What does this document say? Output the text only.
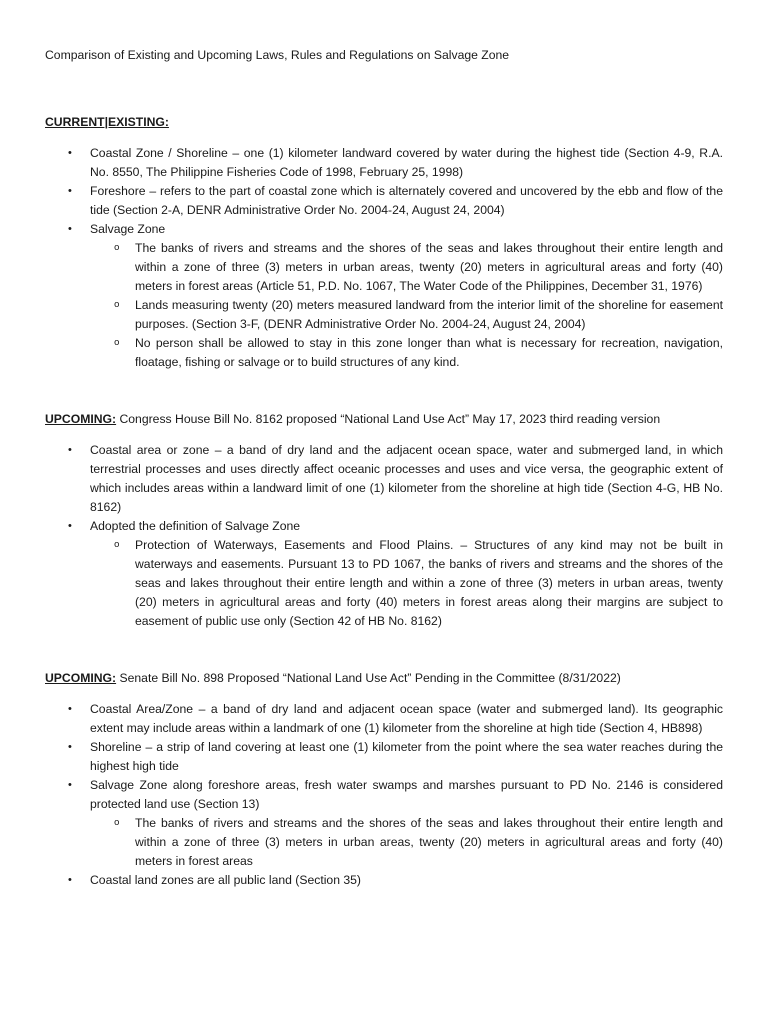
Comparison of Existing and Upcoming Laws, Rules and Regulations on Salvage Zone

CURRENT|EXISTING:

• Coastal Zone / Shoreline – one (1) kilometer landward covered by water during the highest tide (Section 4-9, R.A. No. 8550, The Philippine Fisheries Code of 1998, February 25, 1998)
• Foreshore – refers to the part of coastal zone which is alternately covered and uncovered by the ebb and flow of the tide (Section 2-A, DENR Administrative Order No. 2004-24, August 24, 2004)
• Salvage Zone
o The banks of rivers and streams and the shores of the seas and lakes throughout their entire length and within a zone of three (3) meters in urban areas, twenty (20) meters in agricultural areas and forty (40) meters in forest areas (Article 51, P.D. No. 1067, The Water Code of the Philippines, December 31, 1976)
o Lands measuring twenty (20) meters measured landward from the interior limit of the shoreline for easement purposes. (Section 3-F, (DENR Administrative Order No. 2004-24, August 24, 2004)
o No person shall be allowed to stay in this zone longer than what is necessary for recreation, navigation, floatage, fishing or salvage or to build structures of any kind.

UPCOMING: Congress House Bill No. 8162 proposed “National Land Use Act” May 17, 2023 third reading version

• Coastal area or zone – a band of dry land and the adjacent ocean space, water and submerged land, in which terrestrial processes and uses directly affect oceanic processes and uses and vice versa, the geographic extent of which includes areas within a landward limit of one (1) kilometer from the shoreline at high tide (Section 4-G, HB No. 8162)
• Adopted the definition of Salvage Zone
o Protection of Waterways, Easements and Flood Plains. – Structures of any kind may not be built in waterways and easements. Pursuant 13 to PD 1067, the banks of rivers and streams and the shores of the seas and lakes throughout their entire length and within a zone of three (3) meters in urban areas, twenty (20) meters in agricultural areas and forty (40) meters in forest areas along their margins are subject to easement of public use only (Section 42 of HB No. 8162)

UPCOMING: Senate Bill No. 898 Proposed “National Land Use Act” Pending in the Committee (8/31/2022)

• Coastal Area/Zone – a band of dry land and adjacent ocean space (water and submerged land). Its geographic extent may include areas within a landmark of one (1) kilometer from the shoreline at high tide (Section 4, HB898)
• Shoreline – a strip of land covering at least one (1) kilometer from the point where the sea water reaches during the highest high tide
• Salvage Zone along foreshore areas, fresh water swamps and marshes pursuant to PD No. 2146 is considered protected land use (Section 13)
o The banks of rivers and streams and the shores of the seas and lakes throughout their entire length and within a zone of three (3) meters in urban areas, twenty (20) meters in agricultural areas and forty (40) meters in forest areas
• Coastal land zones are all public land (Section 35)
